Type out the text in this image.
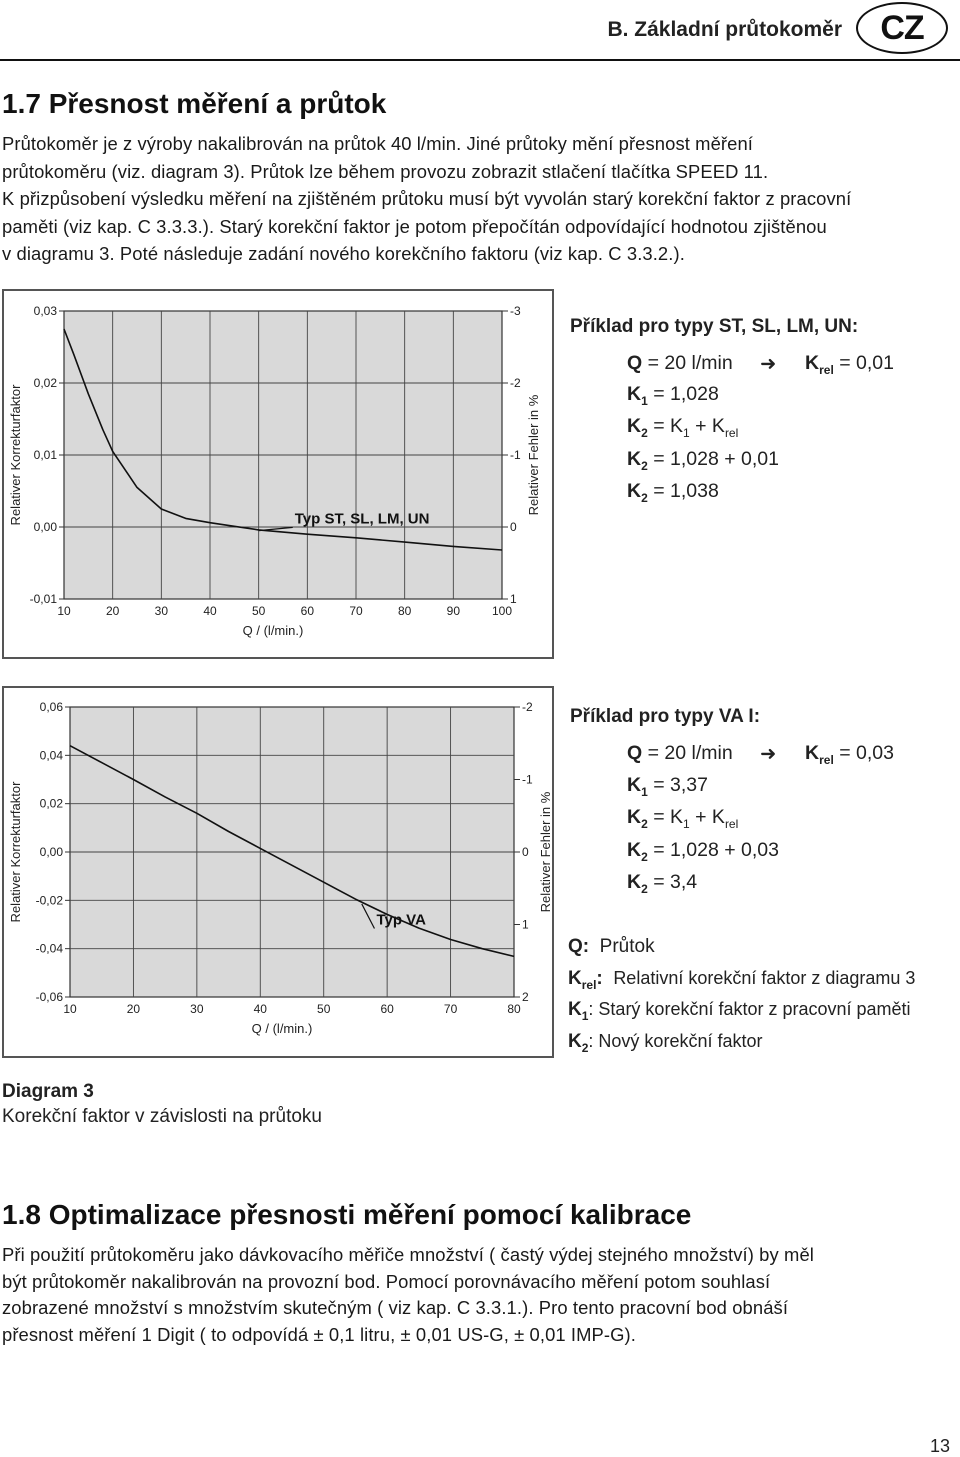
B. Základní průtokoměr	CZ
1.7 Přesnost měření a průtok

Průtokoměr je z výroby nakalibrován na průtok 40 l/min. Jiné průtoky mění přesnost měření

průtokoměru (viz. diagram 3). Průtok lze během provozu zobrazit stlačení tlačítka SPEED 11.

K přizpůsobení výsledku měření na zjištěném průtoku musí být vyvolán starý korekční faktor z pracovní

paměti (viz kap. C 3.3.3.). Starý korekční faktor je potom přepočítán odpovídající hodnotou zjištěnou

v diagramu 3. Poté následuje zadání nového korekčního faktoru (viz kap. C 3.3.2.).

10	20	30	40	50	60	70	80	90	100
0,03
0,02
0,01
0,00
-0,01
-3
-2
-1
0
1
Relativer Korrekturfaktor	Relativer Fehler in %
Q / (l/min.)
Typ ST, SL, LM, UN
Příklad pro typy ST, SL, LM, UN:
Q = 20 l/min ➜ $K_{rel} = 0,01$
$K_1 = 1,028$
$K_2 = K_1 + K_{rel}$
$K_2 = 1,028 + 0,01$
$K_2 = 1,038$
10	20	30	40	50	60	70	80
0,06
0,04
0,02
0,00
-0,02
-0,04
-0,06
-2
-1
0
1
2
Relativer Korrekturfaktor	Relativer Fehler in %
Q / (l/min.)
Typ VA
Příklad pro typy VA I:
Q = 20 l/min ➜ $K_{rel} = 0,03$
$K_1 = 3,37$
$K_2 = K_1 + K_{rel}$
$K_2 = 1,028 + 0,03$
$K_2 = 3,4$
Q: Průtok
$K_{rel}$: Relativní korekční faktor z diagramu 3
$K_1$: Starý korekční faktor z pracovní paměti
$K_2$: Nový korekční faktor
Diagram 3
Korekční faktor v závislosti na průtoku
1.8 Optimalizace přesnosti měření pomocí kalibrace

Při použití průtokoměru jako dávkovacího měřiče množství ( častý výdej stejného množství) by měl

být průtokoměr nakalibrován na provozní bod. Pomocí porovnávacího měření potom souhlasí

zobrazené množství s množstvím skutečným ( viz kap. C 3.3.1.). Pro tento pracovní bod obnáší

přesnost měření 1 Digit ( to odpovídá ± 0,1 litru, ± 0,01 US-G, ± 0,01 IMP-G).

13
